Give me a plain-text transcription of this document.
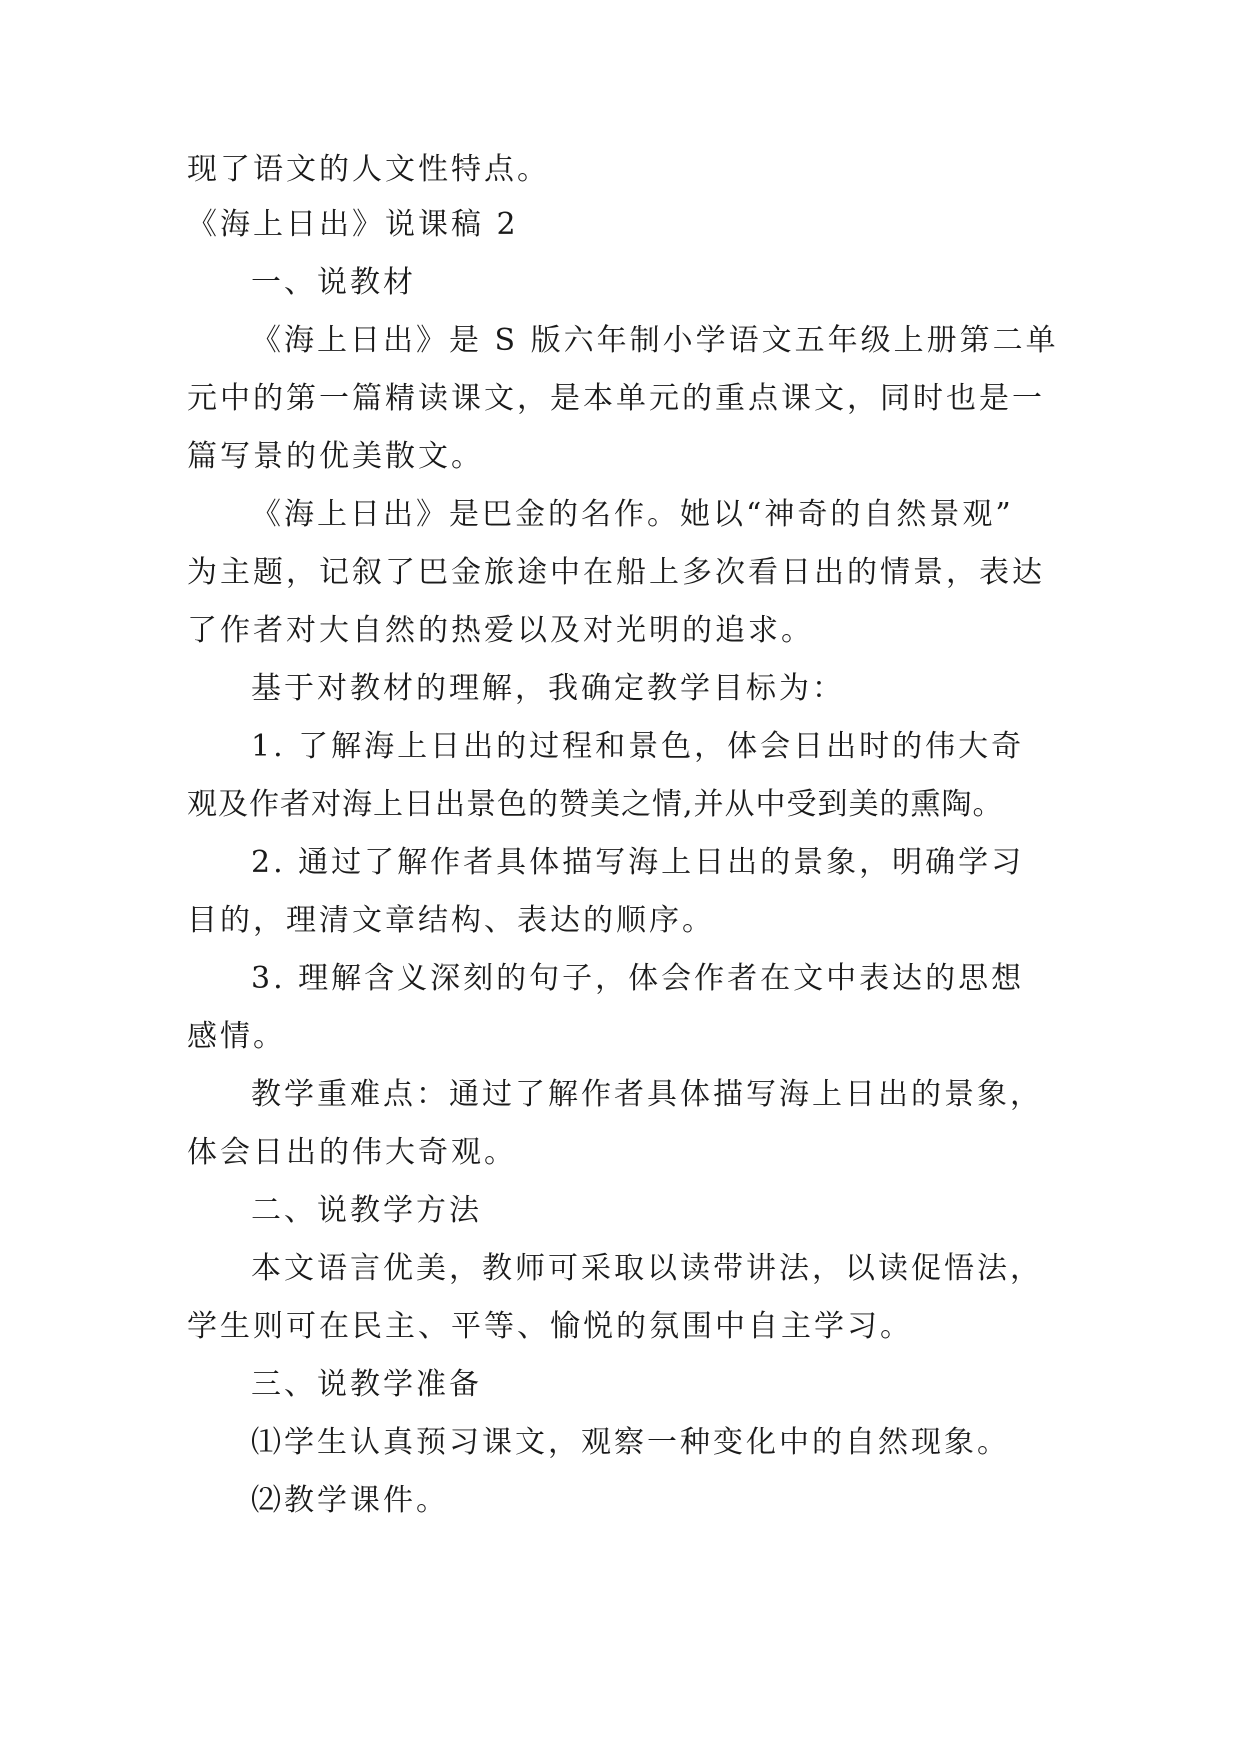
现了语文的人文性特点。
《海上日出》说课稿 2
一、说教材
《海上日出》是 S 版六年制小学语文五年级上册第二单
元中的第一篇精读课文，是本单元的重点课文，同时也是一
篇写景的优美散文。
《海上日出》是巴金的名作。她以“神奇的自然景观”
为主题，记叙了巴金旅途中在船上多次看日出的情景，表达
了作者对大自然的热爱以及对光明的追求。
基于对教材的理解，我确定教学目标为：
1. 了解海上日出的过程和景色，体会日出时的伟大奇
观及作者对海上日出景色的赞美之情,并从中受到美的熏陶。
2. 通过了解作者具体描写海上日出的景象，明确学习
目的，理清文章结构、表达的顺序。
3. 理解含义深刻的句子，体会作者在文中表达的思想
感情。
教学重难点：通过了解作者具体描写海上日出的景象，
体会日出的伟大奇观。
二、说教学方法
本文语言优美，教师可采取以读带讲法，以读促悟法，
学生则可在民主、平等、愉悦的氛围中自主学习。
三、说教学准备
⑴学生认真预习课文，观察一种变化中的自然现象。
⑵教学课件。
